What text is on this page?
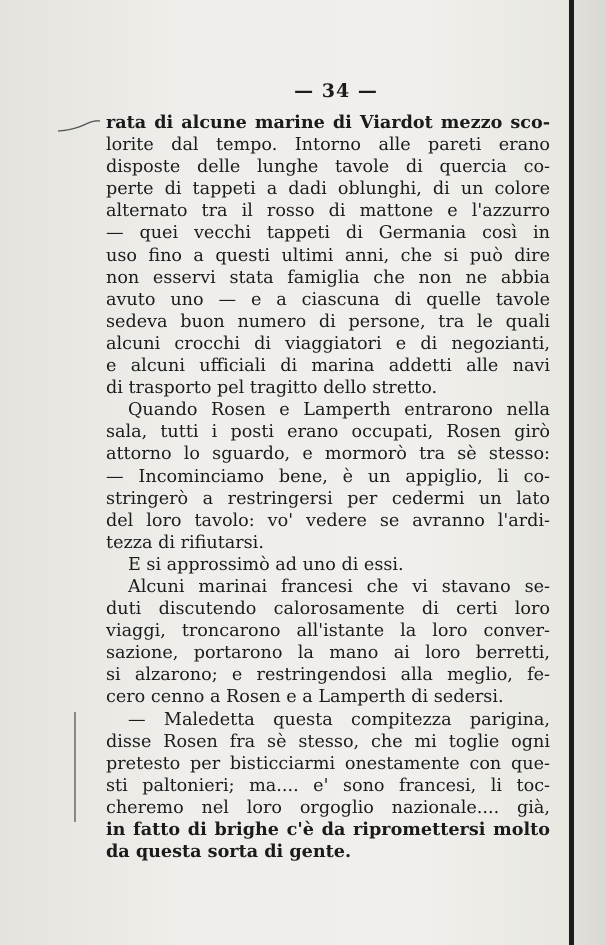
— 34 —
rata di alcune marine di Viardot mezzo sco-
lorite dal tempo. Intorno alle pareti erano
disposte delle lunghe tavole di quercia co-
perte di tappeti a dadi oblunghi, di un colore
alternato tra il rosso di mattone e l'azzurro
— quei vecchi tappeti di Germania così in
uso fino a questi ultimi anni, che si può dire
non esservi stata famiglia che non ne abbia
avuto uno — e a ciascuna di quelle tavole
sedeva buon numero di persone, tra le quali
alcuni crocchi di viaggiatori e di negozianti,
e alcuni ufficiali di marina addetti alle navi
di trasporto pel tragitto dello stretto.
Quando Rosen e Lamperth entrarono nella
sala, tutti i posti erano occupati, Rosen girò
attorno lo sguardo, e mormorò tra sè stesso:
— Incominciamo bene, è un appiglio, li co-
stringerò a restringersi per cedermi un lato
del loro tavolo: vo' vedere se avranno l'ardi-
tezza di rifiutarsi.
E si approssimò ad uno di essi.
Alcuni marinai francesi che vi stavano se-
duti discutendo calorosamente di certi loro
viaggi, troncarono all'istante la loro conver-
sazione, portarono la mano ai loro berretti,
si alzarono; e restringendosi alla meglio, fe-
cero cenno a Rosen e a Lamperth di sedersi.
— Maledetta questa compitezza parigina,
disse Rosen fra sè stesso, che mi toglie ogni
pretesto per bisticciarmi onestamente con que-
sti paltonieri; ma.... e' sono francesi, li toc-
cheremo nel loro orgoglio nazionale.... già,
in fatto di brighe c'è da ripromettersi molto
da questa sorta di gente.
